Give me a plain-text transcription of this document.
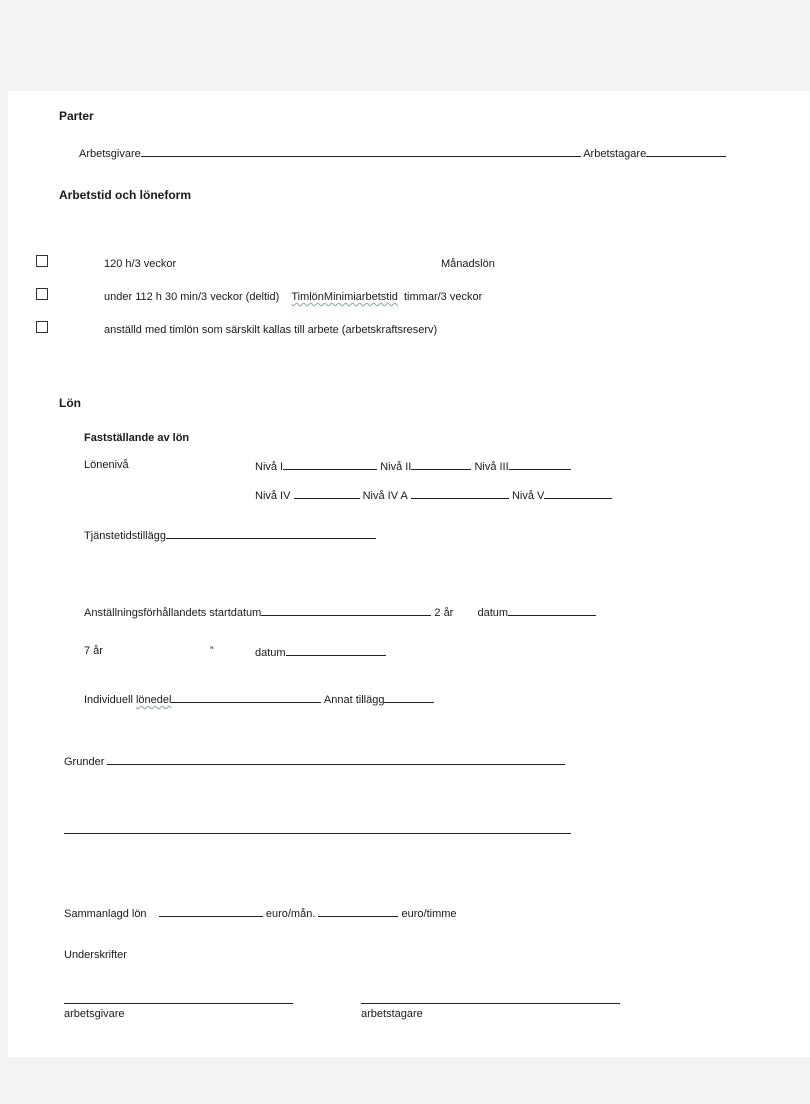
Parter
Arbetsgivare	Arbetstagare
Arbetstid och löneform
120 h/3 veckor	Månadslön
under 112 h 30 min/3 veckor (deltid) TimlönMinimiarbetstid timmar/3 veckor
anställd med timlön som särskilt kallas till arbete (arbetskraftsreserv)
Lön
Fastställande av lön
Lönenivå	Nivå I	Nivå II	Nivå III
Nivå IV	Nivå IV A	Nivå V
Tjänstetidstillägg
Anställningsförhållandets startdatum	2 år datum
7 år	”	datum
Individuell lönedel	Annat tillägg
Grunder
Sammanlagd lön	euro/mån.	euro/timme
Underskrifter
arbetsgivare	arbetstagare
